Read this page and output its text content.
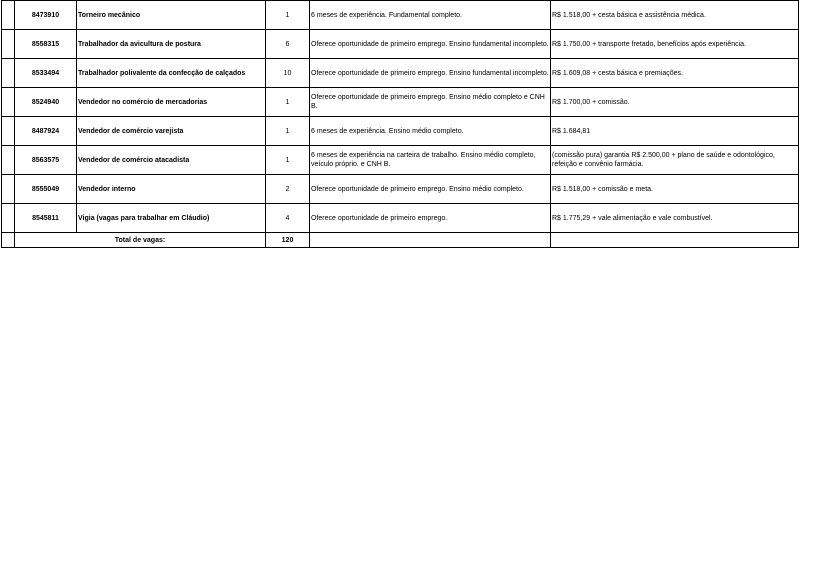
	8473910	Torneiro mecânico	1	6 meses de experiência. Fundamental completo.	R$ 1.518,00 + cesta básica e assistência médica.
	8558315	Trabalhador da avicultura de postura	6	Oferece oportunidade de primeiro emprego. Ensino fundamental incompleto.	R$ 1.750,00 + transporte fretado, benefícios após experiência.
	8533494	Trabalhador polivalente da confecção de calçados	10	Oferece oportunidade de primeiro emprego. Ensino fundamental incompleto.	R$ 1.609,08 + cesta básica e premiações.
	8524940	Vendedor no comércio de mercadorias	1	Oferece oportunidade de primeiro emprego. Ensino médio completo e CNH B.	R$ 1.700,00 + comissão.
	8487924	Vendedor de comércio varejista	1	6 meses de experiência. Ensino médio completo.	R$ 1.684,81
	8563575	Vendedor de comércio atacadista	1	6 meses de experiência na carteira de trabalho. Ensino médio completo, veículo próprio. e CNH B.	(comissão pura) garantia R$ 2.500,00 + plano de saúde e odontológico, refeição e convênio farmácia.
	8555049	Vendedor interno	2	Oferece oportunidade de primeiro emprego. Ensino médio completo.	R$ 1.518,00 + comissão e meta.
	8545811	Vigia (vagas para trabalhar em Cláudio)	4	Oferece oportunidade de primeiro emprego.	R$ 1.775,29 + vale alimentação e vale combustível.
	Total de vagas:		120		
